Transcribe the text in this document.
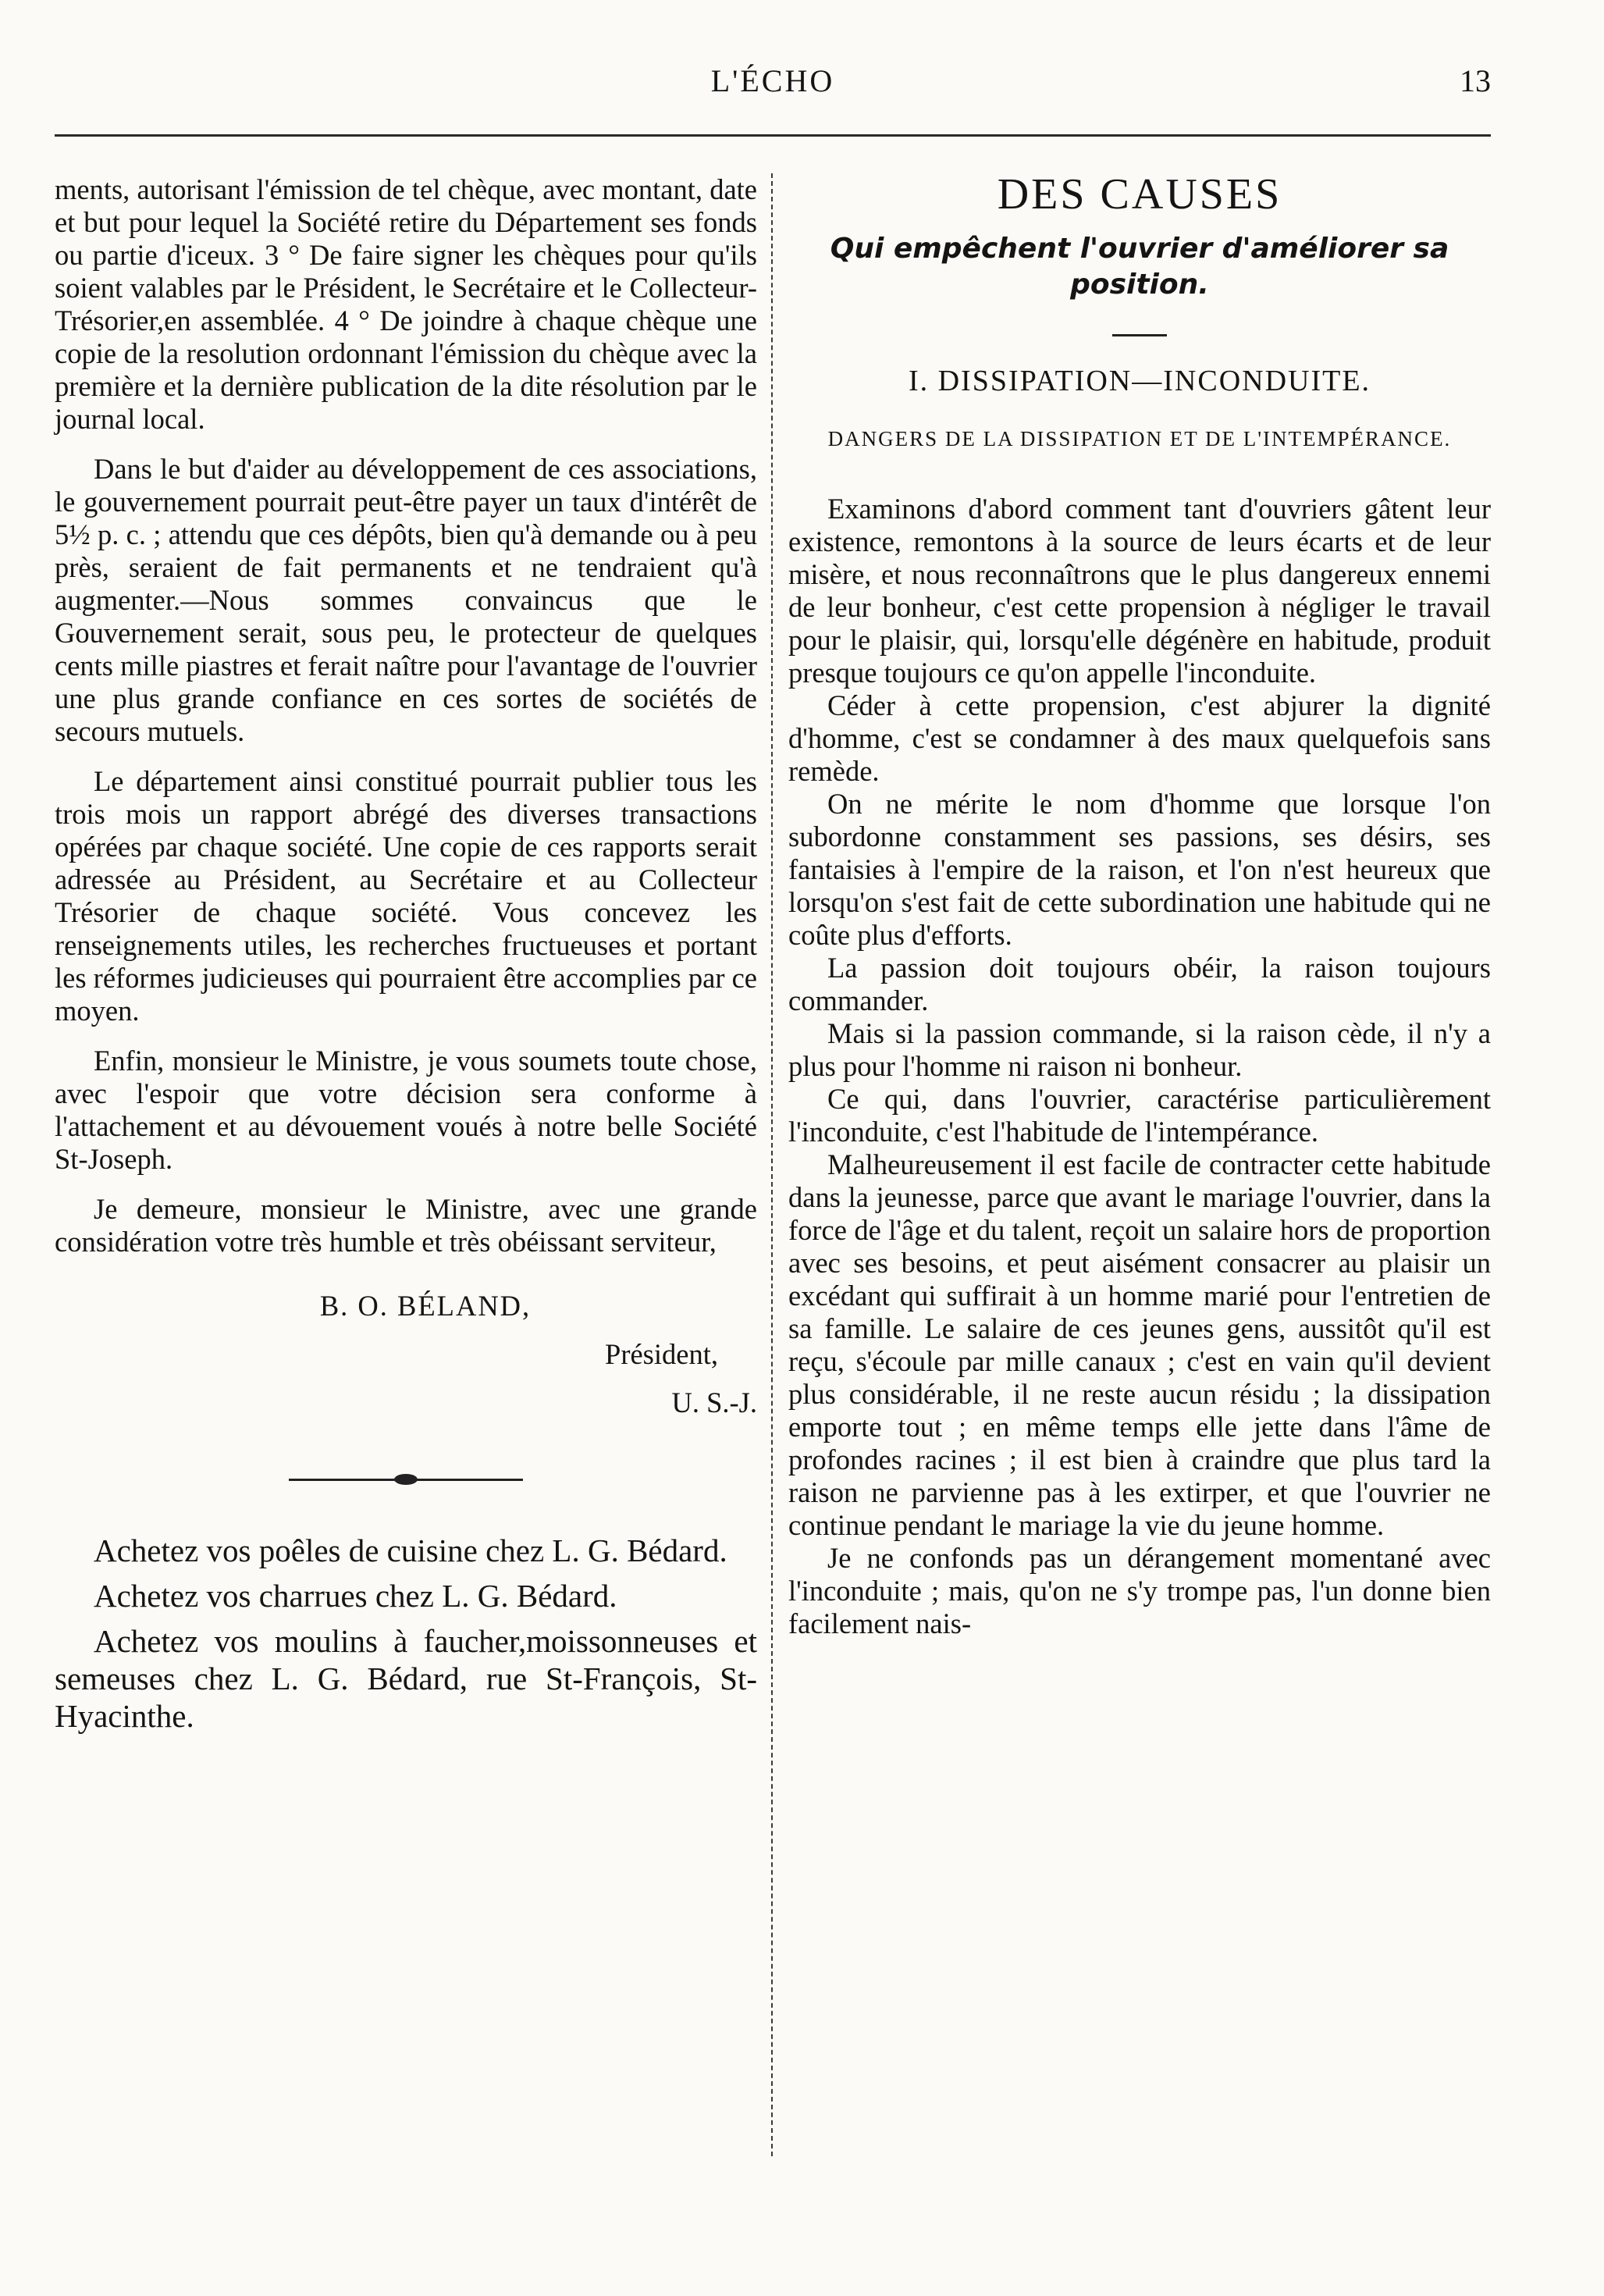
L'ÉCHO	13

ments, autorisant l'émission de tel chèque, avec montant, date et but pour lequel la Société retire du Département ses fonds ou partie d'iceux. 3 ° De faire signer les chèques pour qu'ils soient valables par le Président, le Secrétaire et le Collecteur-Trésorier,en assemblée. 4 ° De joindre à chaque chèque une copie de la resolution ordonnant l'émission du chèque avec la première et la dernière publication de la dite résolution par le journal local.

Dans le but d'aider au développement de ces associations, le gouvernement pourrait peut-être payer un taux d'intérêt de 5½ p. c. ; attendu que ces dépôts, bien qu'à demande ou à peu près, seraient de fait permanents et ne tendraient qu'à augmenter.—Nous sommes convaincus que le Gouvernement serait, sous peu, le protecteur de quelques cents mille piastres et ferait naître pour l'avantage de l'ouvrier une plus grande confiance en ces sortes de sociétés de secours mutuels.

Le département ainsi constitué pourrait publier tous les trois mois un rapport abrégé des diverses transactions opérées par chaque société. Une copie de ces rapports serait adressée au Président, au Secrétaire et au Collecteur Trésorier de chaque société. Vous concevez les renseignements utiles, les recherches fructueuses et portant les réformes judicieuses qui pourraient être accomplies par ce moyen.

Enfin, monsieur le Ministre, je vous soumets toute chose, avec l'espoir que votre décision sera conforme à l'attachement et au dévouement voués à notre belle Société St-Joseph.

Je demeure, monsieur le Ministre, avec une grande considération votre très humble et très obéissant serviteur,

B. O. BÉLAND,

Président,

U. S.-J.

Achetez vos poêles de cuisine chez L. G. Bédard.

Achetez vos charrues chez L. G. Bédard.

Achetez vos moulins à faucher,moissonneuses et semeuses chez L. G. Bédard, rue St-François, St-Hyacinthe.

DES CAUSES
Qui empêchent l'ouvrier d'améliorer sa position.
I. DISSIPATION—INCONDUITE.
DANGERS DE LA DISSIPATION ET DE L'INTEMPÉRANCE.

Examinons d'abord comment tant d'ouvriers gâtent leur existence, remontons à la source de leurs écarts et de leur misère, et nous reconnaîtrons que le plus dangereux ennemi de leur bonheur, c'est cette propension à négliger le travail pour le plaisir, qui, lorsqu'elle dégénère en habitude, produit presque toujours ce qu'on appelle l'inconduite.

Céder à cette propension, c'est abjurer la dignité d'homme, c'est se condamner à des maux quelquefois sans remède.

On ne mérite le nom d'homme que lorsque l'on subordonne constamment ses passions, ses désirs, ses fantaisies à l'empire de la raison, et l'on n'est heureux que lorsqu'on s'est fait de cette subordination une habitude qui ne coûte plus d'efforts.

La passion doit toujours obéir, la raison toujours commander.

Mais si la passion commande, si la raison cède, il n'y a plus pour l'homme ni raison ni bonheur.

Ce qui, dans l'ouvrier, caractérise particulièrement l'inconduite, c'est l'habitude de l'intempérance.

Malheureusement il est facile de contracter cette habitude dans la jeunesse, parce que avant le mariage l'ouvrier, dans la force de l'âge et du talent, reçoit un salaire hors de proportion avec ses besoins, et peut aisément consacrer au plaisir un excédant qui suffirait à un homme marié pour l'entretien de sa famille. Le salaire de ces jeunes gens, aussitôt qu'il est reçu, s'écoule par mille canaux ; c'est en vain qu'il devient plus considérable, il ne reste aucun résidu ; la dissipation emporte tout ; en même temps elle jette dans l'âme de profondes racines ; il est bien à craindre que plus tard la raison ne parvienne pas à les extirper, et que l'ouvrier ne continue pendant le mariage la vie du jeune homme.

Je ne confonds pas un dérangement momentané avec l'inconduite ; mais, qu'on ne s'y trompe pas, l'un donne bien facilement nais-
